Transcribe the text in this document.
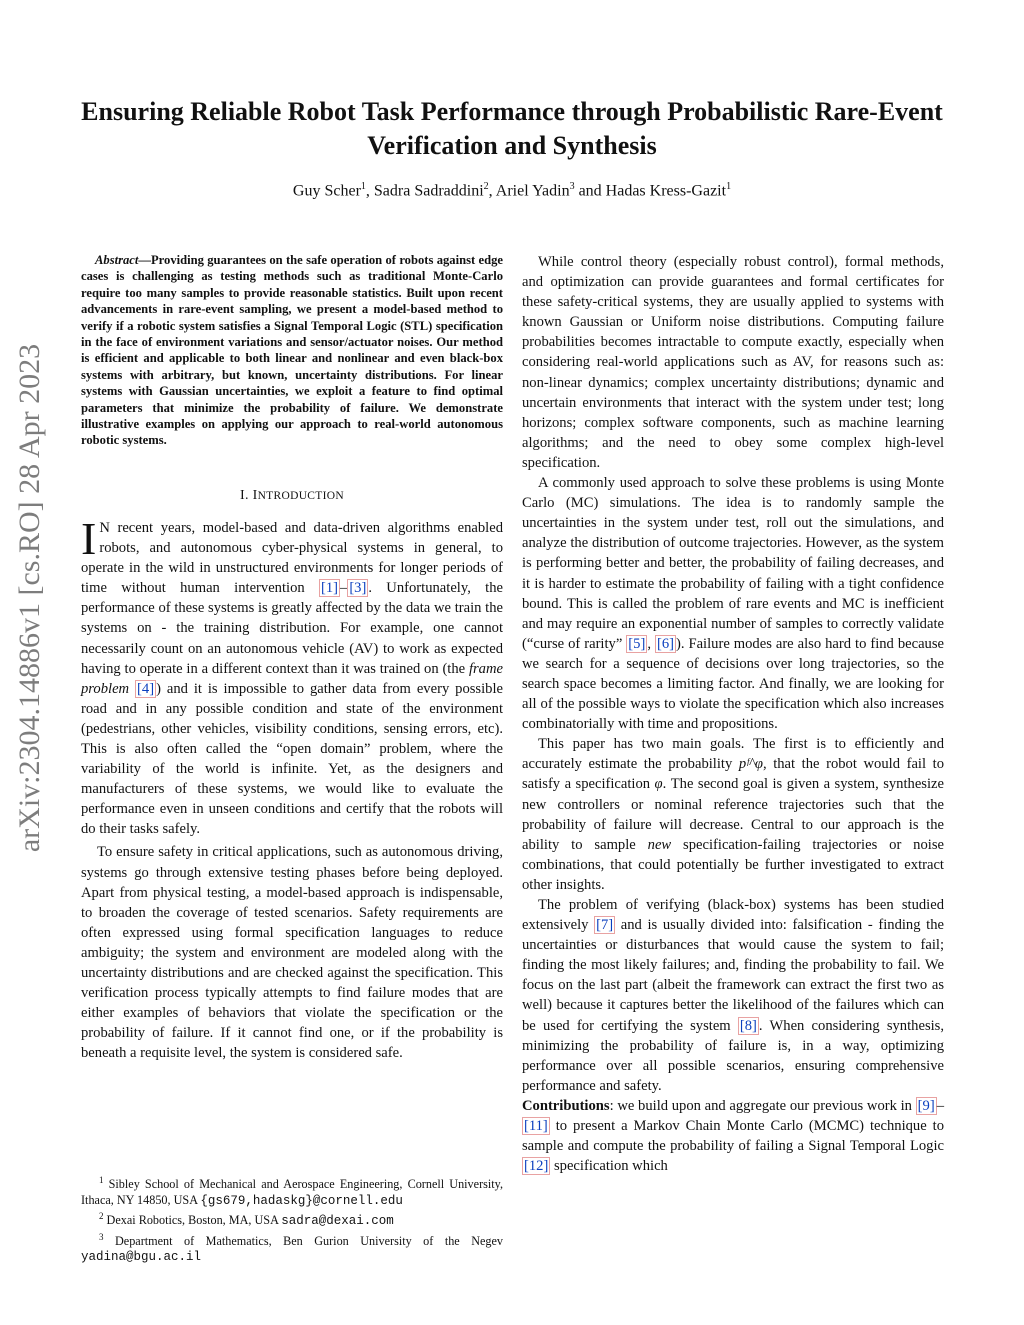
arXiv:2304.14886v1 [cs.RO] 28 Apr 2023
Ensuring Reliable Robot Task Performance through Probabilistic Rare-Event Verification and Synthesis
Guy Scher$^1$, Sadra Sadraddini$^2$, Ariel Yadin$^3$ and Hadas Kress-Gazit$^1$

Abstract—Providing guarantees on the safe operation of robots against edge cases is challenging as testing methods such as traditional Monte-Carlo require too many samples to provide reasonable statistics. Built upon recent advancements in rare-event sampling, we present a model-based method to verify if a robotic system satisfies a Signal Temporal Logic (STL) specification in the face of environment variations and sensor/actuator noises. Our method is efficient and applicable to both linear and nonlinear and even black-box systems with arbitrary, but known, uncertainty distributions. For linear systems with Gaussian uncertainties, we exploit a feature to find optimal parameters that minimize the probability of failure. We demonstrate illustrative examples on applying our approach to real-world autonomous robotic systems.

I. INTRODUCTION

I N recent years, model-based and data-driven algorithms enabled robots, and autonomous cyber-physical systems in general, to operate in the wild in unstructured environments for longer periods of time without human intervention [1] – [3] . Unfortunately, the performance of these systems is greatly affected by the data we train the systems on - the training distribution. For example, one cannot necessarily count on an autonomous vehicle (AV) to work as expected having to operate in a different context than it was trained on (the frame problem [4] ) and it is impossible to gather data from every possible road and in any possible condition and state of the environment (pedestrians, other vehicles, visibility conditions, sensing errors, etc). This is also often called the “open domain” problem, where the variability of the world is infinite. Yet, as the designers and manufacturers of these systems, we would like to evaluate the performance even in unseen conditions and certify that the robots will do their tasks safely.

To ensure safety in critical applications, such as autonomous driving, systems go through extensive testing phases before being deployed. Apart from physical testing, a model-based approach is indispensable, to broaden the coverage of tested scenarios. Safety requirements are often expressed using formal specification languages to reduce ambiguity; the system and environment are modeled along with the uncertainty distributions and are checked against the specification. This verification process typically attempts to find failure modes that are either examples of behaviors that violate the specification or the probability of failure. If it cannot find one, or if the probability is beneath a requisite level, the system is considered safe.

$^1$ Sibley School of Mechanical and Aerospace Engineering, Cornell University, Ithaca, NY 14850, USA {gs679,hadaskg}@cornell.edu

$^2$ Dexai Robotics, Boston, MA, USA sadra@dexai.com

$^3$ Department of Mathematics, Ben Gurion University of the Negev yadina@bgu.ac.il

While control theory (especially robust control), formal methods, and optimization can provide guarantees and formal certificates for these safety-critical systems, they are usually applied to systems with known Gaussian or Uniform noise distributions. Computing failure probabilities becomes intractable to compute exactly, especially when considering real-world applications such as AV, for reasons such as: non-linear dynamics; complex uncertainty distributions; dynamic and uncertain environments that interact with the system under test; long horizons; complex software components, such as machine learning algorithms; and the need to obey some complex high-level specification.

A commonly used approach to solve these problems is using Monte Carlo (MC) simulations. The idea is to randomly sample the uncertainties in the system under test, roll out the simulations, and analyze the distribution of outcome trajectories. However, as the system is performing better and better, the probability of failing decreases, and it is harder to estimate the probability of failing with a tight confidence bound. This is called the problem of rare events and MC is inefficient and may require an exponential number of samples to correctly validate (“curse of rarity” [5] , [6] ). Failure modes are also hard to find because we search for a sequence of decisions over long trajectories, so the search space becomes a limiting factor. And finally, we are looking for all of the possible ways to violate the specification which also increases combinatorially with time and propositions.

This paper has two main goals. The first is to efficiently and accurately estimate the probability pᶠ^φ, that the robot would fail to satisfy a specification φ. The second goal is given a system, synthesize new controllers or nominal reference trajectories such that the probability of failure will decrease. Central to our approach is the ability to sample new specification-failing trajectories or noise combinations, that could potentially be further investigated to extract other insights.

The problem of verifying (black-box) systems has been studied extensively [7] and is usually divided into: falsification - finding the uncertainties or disturbances that would cause the system to fail; finding the most likely failures; and, finding the probability to fail. We focus on the last part (albeit the framework can extract the first two as well) because it captures better the likelihood of the failures which can be used for certifying the system [8] . When considering synthesis, minimizing the probability of failure is, in a way, optimizing performance over all possible scenarios, ensuring comprehensive performance and safety.

Contributions: we build upon and aggregate our previous work in [9] –[11] to present a Markov Chain Monte Carlo (MCMC) technique to sample and compute the probability of failing a Signal Temporal Logic [12] specification which
